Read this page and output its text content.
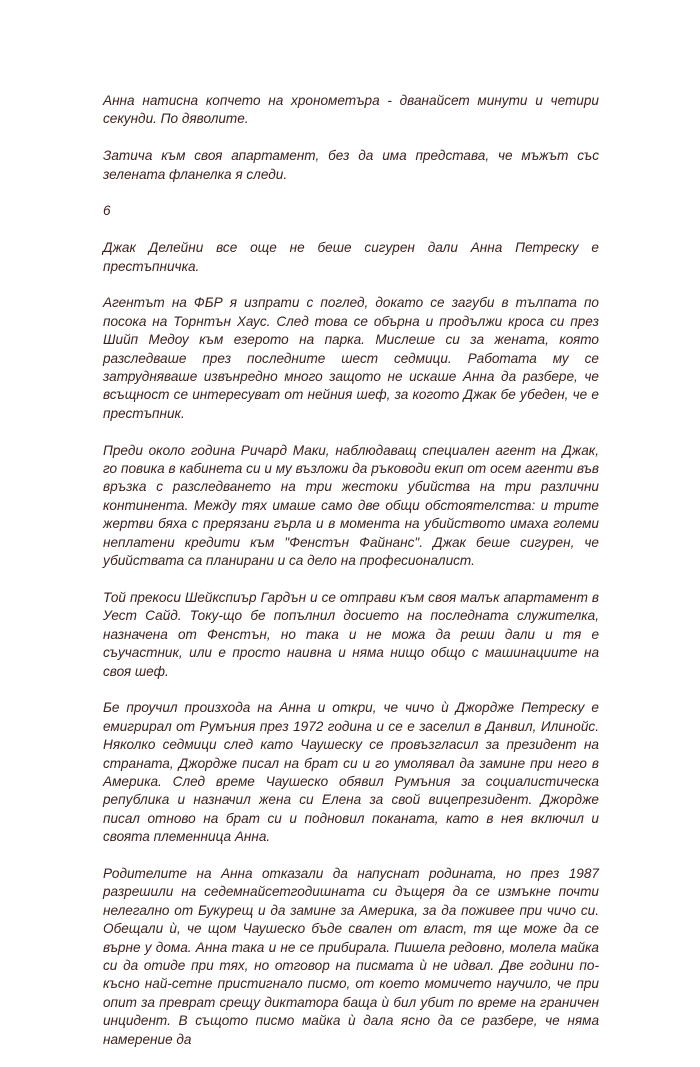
Анна натисна копчето на хронометъра - дванайсет минути и четири секунди. По дяволите.

Затича към своя апартамент, без да има представа, че мъжът със зелената фланелка я следи.

6

Джак Делейни все още не беше сигурен дали Анна Петреску е престъпничка.

Агентът на ФБР я изпрати с поглед, докато се загуби в тълпата по посока на Торнтън Хаус. След това се обърна и продължи кроса си през Шийп Медоу към езерото на парка. Мислеше си за жената, която разследваше през последните шест седмици. Работата му се затрудняваше извънредно много защото не искаше Анна да разбере, че всъщност се интересуват от нейния шеф, за когото Джак бе убеден, че е престъпник.

Преди около година Ричард Маки, наблюдаващ специален агент на Джак, го повика в кабинета си и му възложи да ръководи екип от осем агенти във връзка с разследването на три жестоки убийства на три различни континента. Между тях имаше само две общи обстоятелства: и трите жертви бяха с прерязани гърла и в момента на убийството имаха големи неплатени кредити към "Фенстън Файнанс". Джак беше сигурен, че убийствата са планирани и са дело на професионалист.

Той прекоси Шейкспиър Гардън и се отправи към своя малък апартамент в Уест Сайд. Току-що бе попълнил досието на последната служителка, назначена от Фенстън, но така и не можа да реши дали и тя е съучастник, или е просто наивна и няма нищо общо с машинациите на своя шеф.

Бе проучил произхода на Анна и откри, че чичо ѝ Джордже Петреску е емигрирал от Румъния през 1972 година и се е заселил в Данвил, Илинойс. Няколко седмици след като Чаушеску се провъзгласил за президент на страната, Джордже писал на брат си и го умолявал да замине при него в Америка. След време Чаушеско обявил Румъния за социалистическа република и назначил жена си Елена за свой вицепрезидент. Джордже писал отново на брат си и подновил поканата, като в нея включил и своята племенница Анна.

Родителите на Анна отказали да напуснат родината, но през 1987 разрешили на седемнайсетгодишната си дъщеря да се измъкне почти нелегално от Букурещ и да замине за Америка, за да поживее при чичо си. Обещали ѝ, че щом Чаушеско бъде свален от власт, тя ще може да се върне у дома. Анна така и не се прибирала. Пишела редовно, молела майка си да отиде при тях, но отговор на писмата ѝ не идвал. Две години по-късно най-сетне пристигнало писмо, от което момичето научило, че при опит за преврат срещу диктатора баща ѝ бил убит по време на граничен инцидент. В същото писмо майка ѝ дала ясно да се разбере, че няма намерение да
